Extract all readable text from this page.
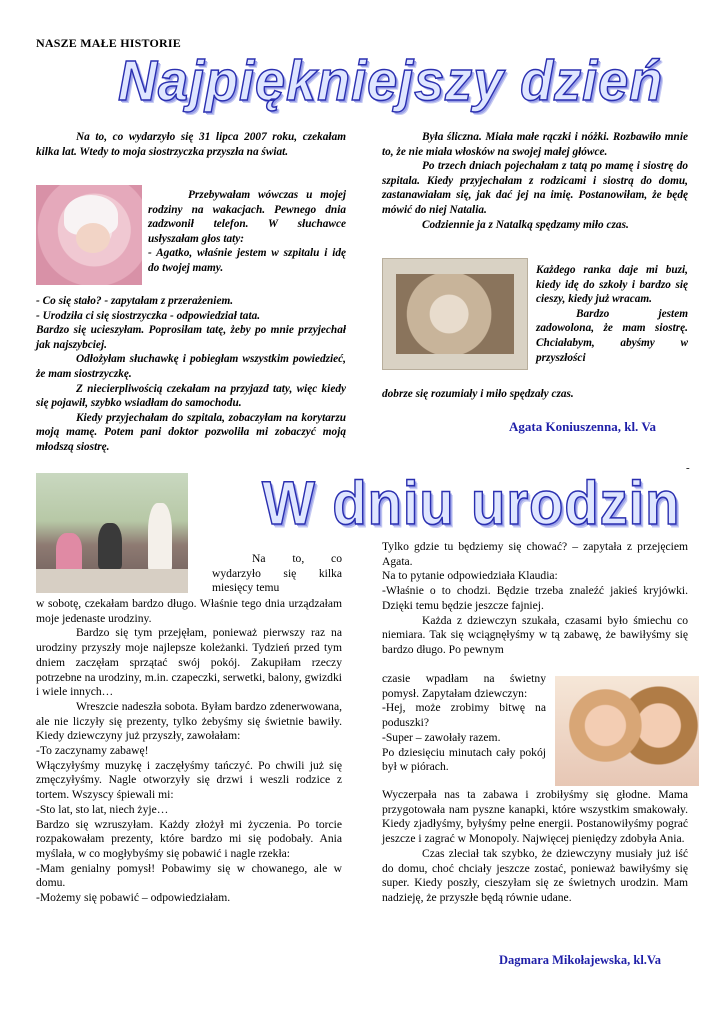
NASZE MAŁE HISTORIE
Najpiękniejszy dzień

Na to, co wydarzyło się 31 lipca 2007 roku, czekałam kilka lat. Wtedy to moja siostrzyczka przyszła na świat.

Przebywałam wówczas u mojej rodziny na wakacjach. Pewnego dnia zadzwonił telefon. W słuchawce usłyszałam głos taty:

- Agatko, właśnie jestem w szpitalu i idę do twojej mamy.

- Co się stało? - zapytałam z przerażeniem.

- Urodziła ci się siostrzyczka - odpowiedział tata.

Bardzo się ucieszyłam. Poprosiłam tatę, żeby po mnie przyjechał jak najszybciej.

Odłożyłam słuchawkę i pobiegłam wszystkim powiedzieć, że mam siostrzyczkę.

Z niecierpliwością czekałam na przyjazd taty, więc kiedy się pojawił, szybko wsiadłam do samochodu.

Kiedy przyjechałam do szpitala, zobaczyłam na korytarzu moją mamę. Potem pani doktor pozwoliła mi zobaczyć moją młodszą siostrę.

Była śliczna. Miała małe rączki i nóżki. Rozbawiło mnie to, że nie miała włosków na swojej małej główce.

Po trzech dniach pojechałam z tatą po mamę i siostrę do szpitala. Kiedy przyjechałam z rodzicami i siostrą do domu, zastanawiałam się, jak dać jej na imię. Postanowiłam, że będę mówić do niej Natalia.

Codziennie ja z Natalką spędzamy miło czas.

Każdego ranka daje mi buzi, kiedy idę do szkoły i bardzo się cieszy, kiedy już wracam.

Bardzo jestem zadowolona, że mam siostrę. Chciałabym, abyśmy w przyszłości

dobrze się rozumiały i miło spędzały czas.

Agata Koniuszenna, kl. Va
-
W dniu urodzin

Na to, co wydarzyło się kilka miesięcy temu

w sobotę, czekałam bardzo długo. Właśnie tego dnia urządzałam moje jedenaste urodziny.

Bardzo się tym przejęłam, ponieważ pierwszy raz na urodziny przyszły moje najlepsze koleżanki. Tydzień przed tym dniem zaczęłam sprzątać swój pokój. Zakupiłam rzeczy potrzebne na urodziny, m.in. czapeczki, serwetki, balony, gwizdki i wiele innych…

Wreszcie nadeszła sobota. Byłam bardzo zdenerwowana, ale nie liczyły się prezenty, tylko żebyśmy się świetnie bawiły. Kiedy dziewczyny już przyszły, zawołałam:

-To zaczynamy zabawę!

Włączyłyśmy muzykę i zaczęłyśmy tańczyć. Po chwili już się zmęczyłyśmy. Nagle otworzyły się drzwi i weszli rodzice z tortem. Wszyscy śpiewali mi:

-Sto lat, sto lat, niech żyje…

Bardzo się wzruszyłam. Każdy złożył mi życzenia. Po torcie rozpakowałam prezenty, które bardzo mi się podobały. Ania myślała, w co mogłybyśmy się pobawić i nagle rzekła:

-Mam genialny pomysł! Pobawimy się w chowanego, ale w domu.

-Możemy się pobawić – odpowiedziałam.

Tylko gdzie tu będziemy się chować? – zapytała z przejęciem Agata.

Na to pytanie odpowiedziała Klaudia:

-Właśnie o to chodzi. Będzie trzeba znaleźć jakieś kryjówki. Dzięki temu będzie jeszcze fajniej.

Każda z dziewczyn szukała, czasami było śmiechu co niemiara. Tak się wciągnęłyśmy w tą zabawę, że bawiłyśmy się bardzo długo. Po pewnym

czasie wpadłam na świetny pomysł. Zapytałam dziewczyn:

-Hej, może zrobimy bitwę na poduszki?

-Super – zawołały razem.

Po dziesięciu minutach cały pokój był w piórach.

Wyczerpała nas ta zabawa i zrobiłyśmy się głodne. Mama przygotowała nam pyszne kanapki, które wszystkim smakowały. Kiedy zjadłyśmy, byłyśmy pełne energii. Postanowiłyśmy pograć jeszcze i zagrać w Monopoly. Najwięcej pieniędzy zdobyła Ania.

Czas zleciał tak szybko, że dziewczyny musiały już iść do domu, choć chciały jeszcze zostać, ponieważ bawiłyśmy się super. Kiedy poszły, cieszyłam się ze świetnych urodzin. Mam nadzieję, że przyszłe będą równie udane.

Dagmara Mikołajewska, kl.Va
